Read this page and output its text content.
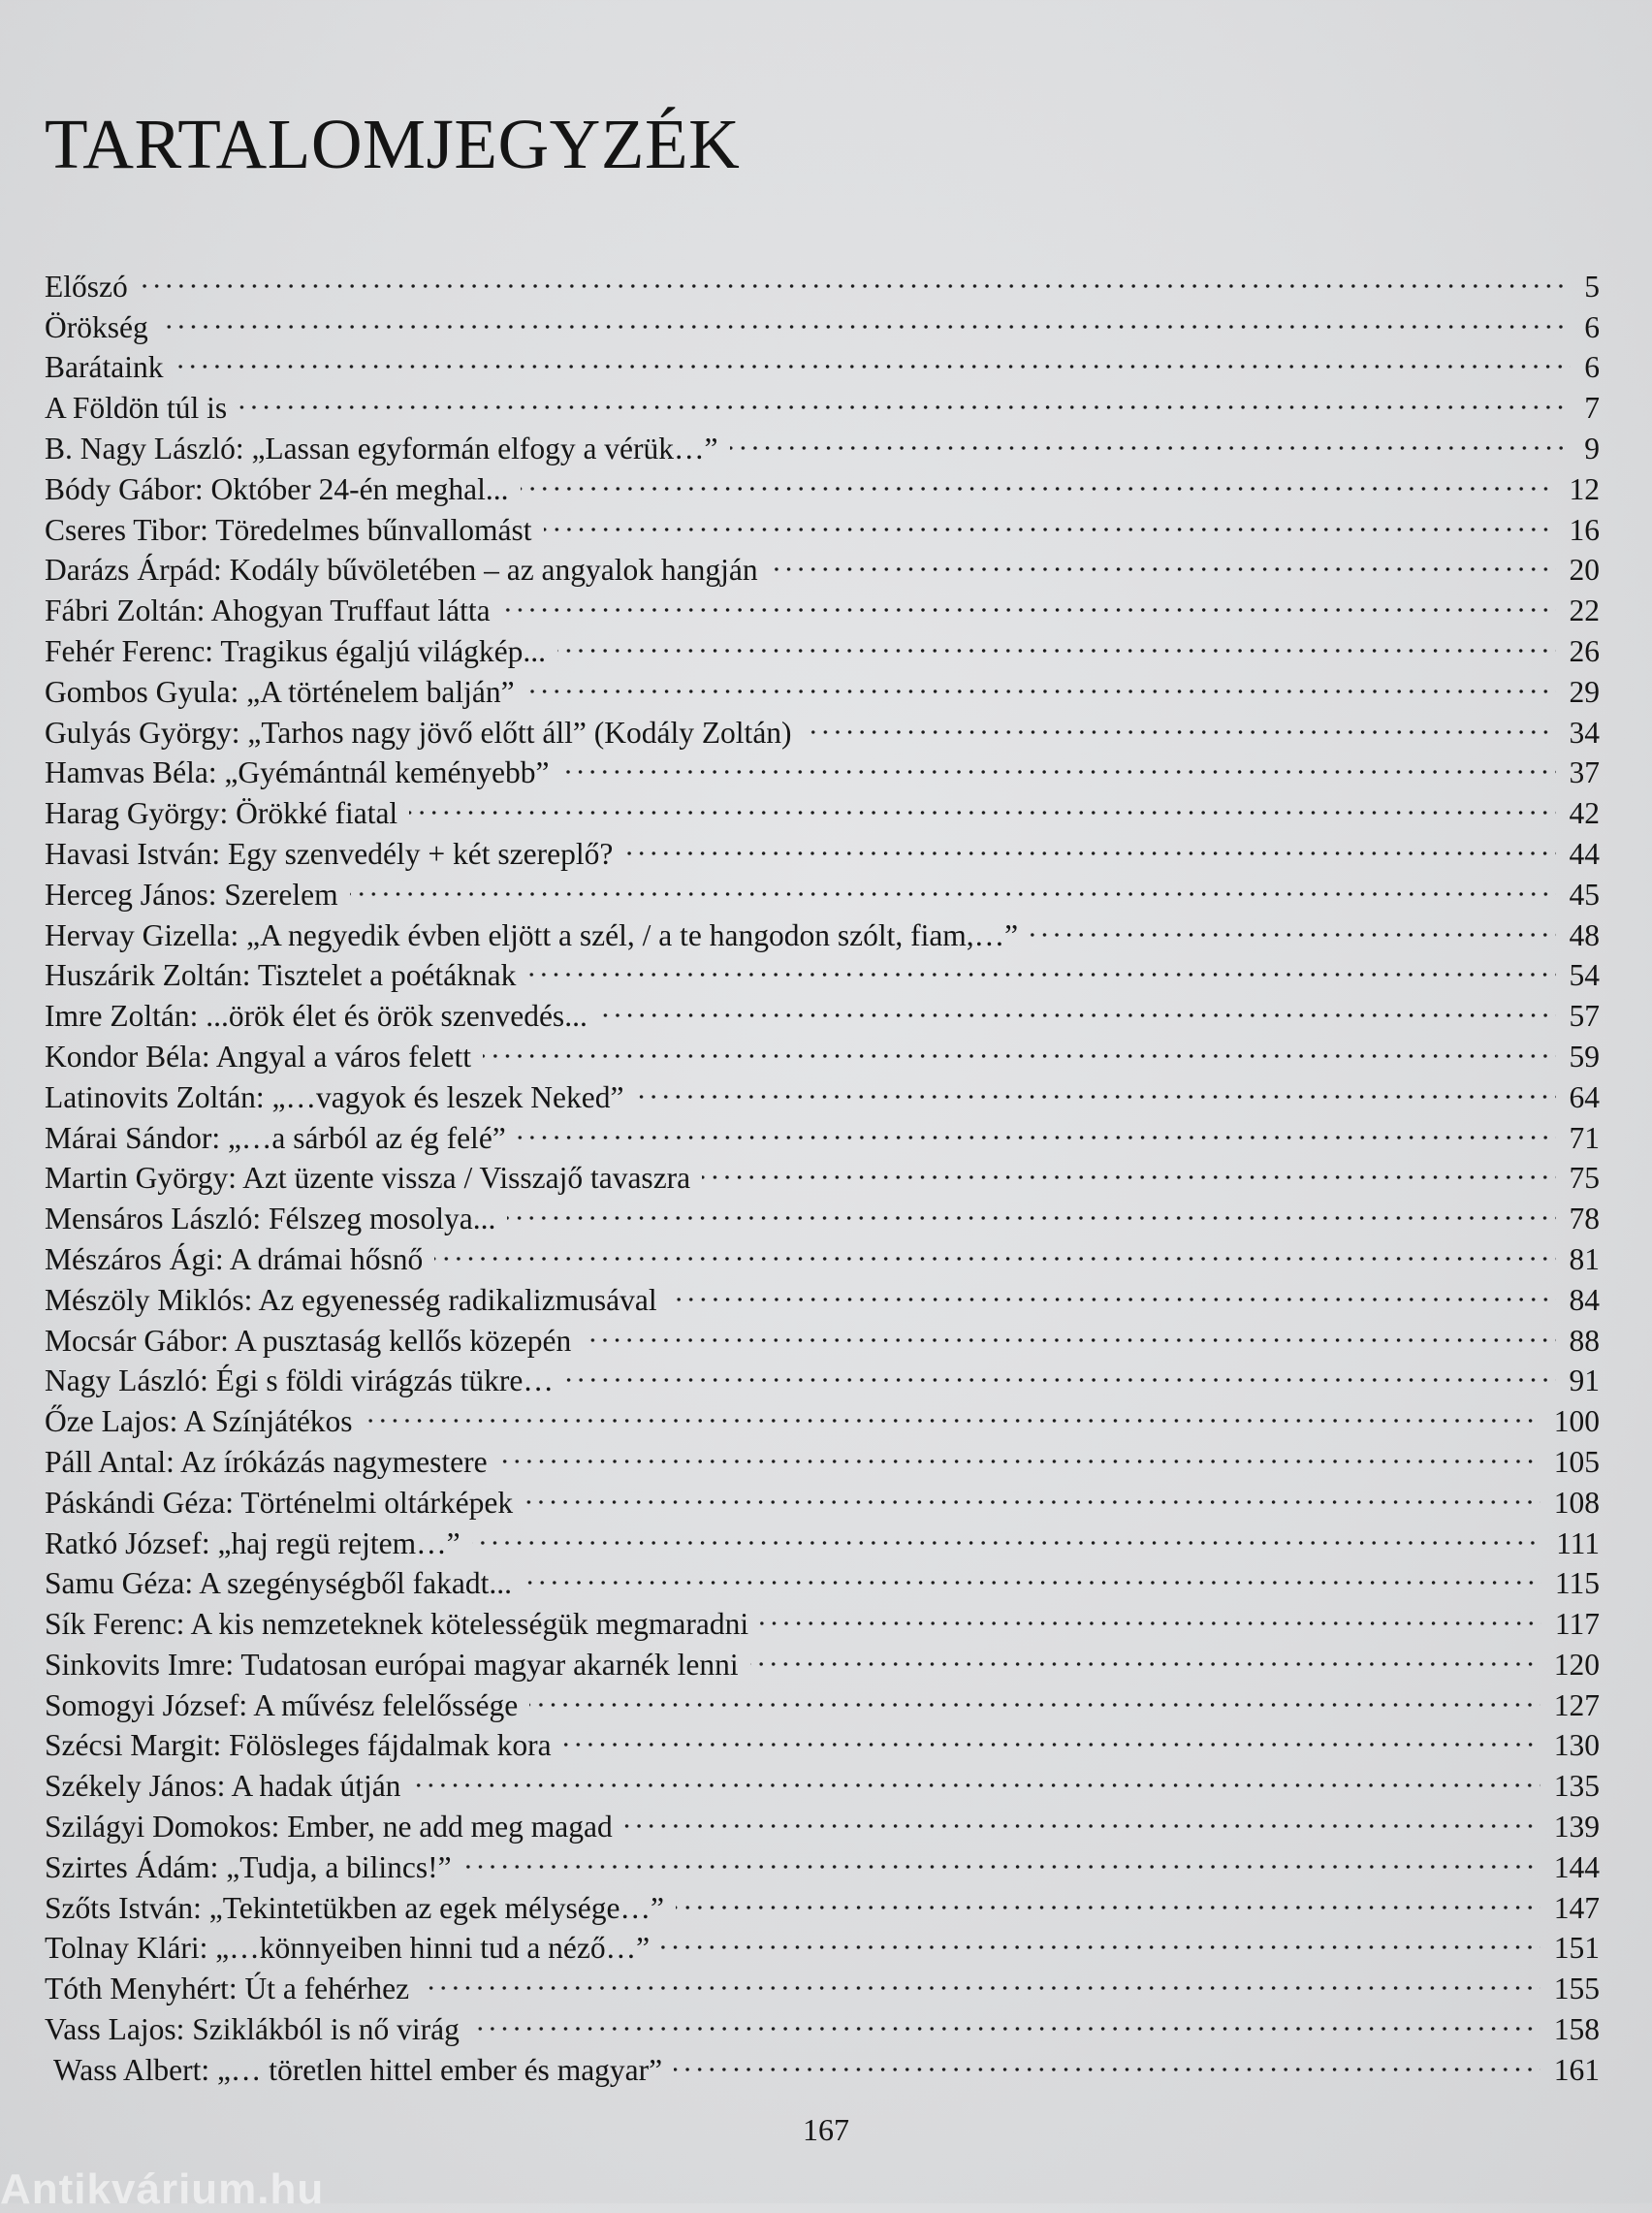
TARTALOMJEGYZÉK
Előszó	5
Örökség	6
Barátaink	6
A Földön túl is	7
B. Nagy László: „Lassan egyformán elfogy a vérük…”	9
Bódy Gábor: Október 24-én meghal...	12
Cseres Tibor: Töredelmes bűnvallomást	16
Darázs Árpád: Kodály bűvöletében – az angyalok hangján	20
Fábri Zoltán: Ahogyan Truffaut látta	22
Fehér Ferenc: Tragikus égaljú világkép...	26
Gombos Gyula: „A történelem balján”	29
Gulyás György: „Tarhos nagy jövő előtt áll” (Kodály Zoltán)	34
Hamvas Béla: „Gyémántnál keményebb”	37
Harag György: Örökké fiatal	42
Havasi István: Egy szenvedély + két szereplő?	44
Herceg János: Szerelem	45
Hervay Gizella: „A negyedik évben eljött a szél, / a te hangodon szólt, fiam,…”	48
Huszárik Zoltán: Tisztelet a poétáknak	54
Imre Zoltán: ...örök élet és örök szenvedés...	57
Kondor Béla: Angyal a város felett	59
Latinovits Zoltán: „…vagyok és leszek Neked”	64
Márai Sándor: „…a sárból az ég felé”	71
Martin György: Azt üzente vissza / Visszajő tavaszra	75
Mensáros László: Félszeg mosolya...	78
Mészáros Ági: A drámai hősnő	81
Mészöly Miklós: Az egyenesség radikalizmusával	84
Mocsár Gábor: A pusztaság kellős közepén	88
Nagy László: Égi s földi virágzás tükre…	91
Őze Lajos: A Színjátékos	100
Páll Antal: Az írókázás nagymestere	105
Páskándi Géza: Történelmi oltárképek	108
Ratkó József: „haj regü rejtem…”	111
Samu Géza: A szegénységből fakadt...	115
Sík Ferenc: A kis nemzeteknek kötelességük megmaradni	117
Sinkovits Imre: Tudatosan európai magyar akarnék lenni	120
Somogyi József: A művész felelőssége	127
Szécsi Margit: Fölösleges fájdalmak kora	130
Székely János: A hadak útján	135
Szilágyi Domokos: Ember, ne add meg magad	139
Szirtes Ádám: „Tudja, a bilincs!”	144
Szőts István: „Tekintetükben az egek mélysége…”	147
Tolnay Klári: „…könnyeiben hinni tud a néző…”	151
Tóth Menyhért: Út a fehérhez	155
Vass Lajos: Sziklákból is nő virág	158
Wass Albert: „… töretlen hittel ember és magyar”	161
167
Antikvárium.hu
